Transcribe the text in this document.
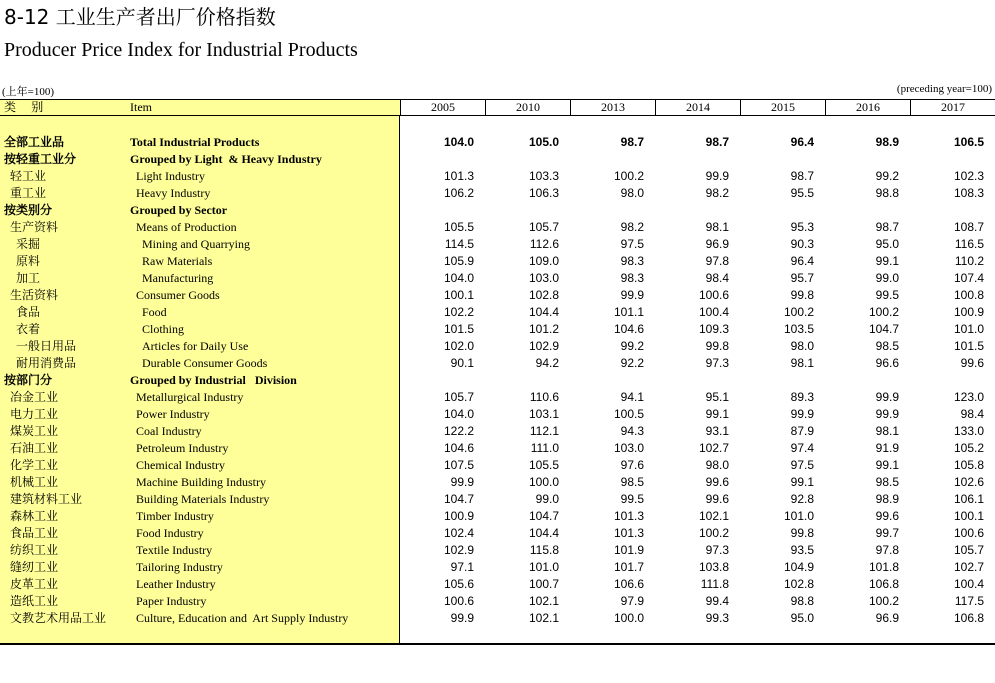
8-12 工业生产者出厂价格指数
Producer Price Index for Industrial Products
(上年=100)	(preceding year=100)
类    别	Item	2005	2010	2013	2014	2015	2016	2017
全部工业品	Total Industrial Products	104.0	105.0	98.7	98.7	96.4	98.9	106.5
按轻重工业分	Grouped by Light  & Heavy Industry
轻工业	Light Industry	101.3	103.3	100.2	99.9	98.7	99.2	102.3
重工业	Heavy Industry	106.2	106.3	98.0	98.2	95.5	98.8	108.3
按类别分	Grouped by Sector
生产资料	Means of Production	105.5	105.7	98.2	98.1	95.3	98.7	108.7
采掘	Mining and Quarrying	114.5	112.6	97.5	96.9	90.3	95.0	116.5
原料	Raw Materials	105.9	109.0	98.3	97.8	96.4	99.1	110.2
加工	Manufacturing	104.0	103.0	98.3	98.4	95.7	99.0	107.4
生活资料	Consumer Goods	100.1	102.8	99.9	100.6	99.8	99.5	100.8
食品	Food	102.2	104.4	101.1	100.4	100.2	100.2	100.9
衣着	Clothing	101.5	101.2	104.6	109.3	103.5	104.7	101.0
一般日用品	Articles for Daily Use	102.0	102.9	99.2	99.8	98.0	98.5	101.5
耐用消费品	Durable Consumer Goods	90.1	94.2	92.2	97.3	98.1	96.6	99.6
按部门分	Grouped by Industrial   Division
冶金工业	Metallurgical Industry	105.7	110.6	94.1	95.1	89.3	99.9	123.0
电力工业	Power Industry	104.0	103.1	100.5	99.1	99.9	99.9	98.4
煤炭工业	Coal Industry	122.2	112.1	94.3	93.1	87.9	98.1	133.0
石油工业	Petroleum Industry	104.6	111.0	103.0	102.7	97.4	91.9	105.2
化学工业	Chemical Industry	107.5	105.5	97.6	98.0	97.5	99.1	105.8
机械工业	Machine Building Industry	99.9	100.0	98.5	99.6	99.1	98.5	102.6
建筑材料工业	Building Materials Industry	104.7	99.0	99.5	99.6	92.8	98.9	106.1
森林工业	Timber Industry	100.9	104.7	101.3	102.1	101.0	99.6	100.1
食品工业	Food Industry	102.4	104.4	101.3	100.2	99.8	99.7	100.6
纺织工业	Textile Industry	102.9	115.8	101.9	97.3	93.5	97.8	105.7
缝纫工业	Tailoring Industry	97.1	101.0	101.7	103.8	104.9	101.8	102.7
皮革工业	Leather Industry	105.6	100.7	106.6	111.8	102.8	106.8	100.4
造纸工业	Paper Industry	100.6	102.1	97.9	99.4	98.8	100.2	117.5
文教艺术用品工业 Culture, Education and  Art Supply Industry	99.9	102.1	100.0	99.3	95.0	96.9	106.8
